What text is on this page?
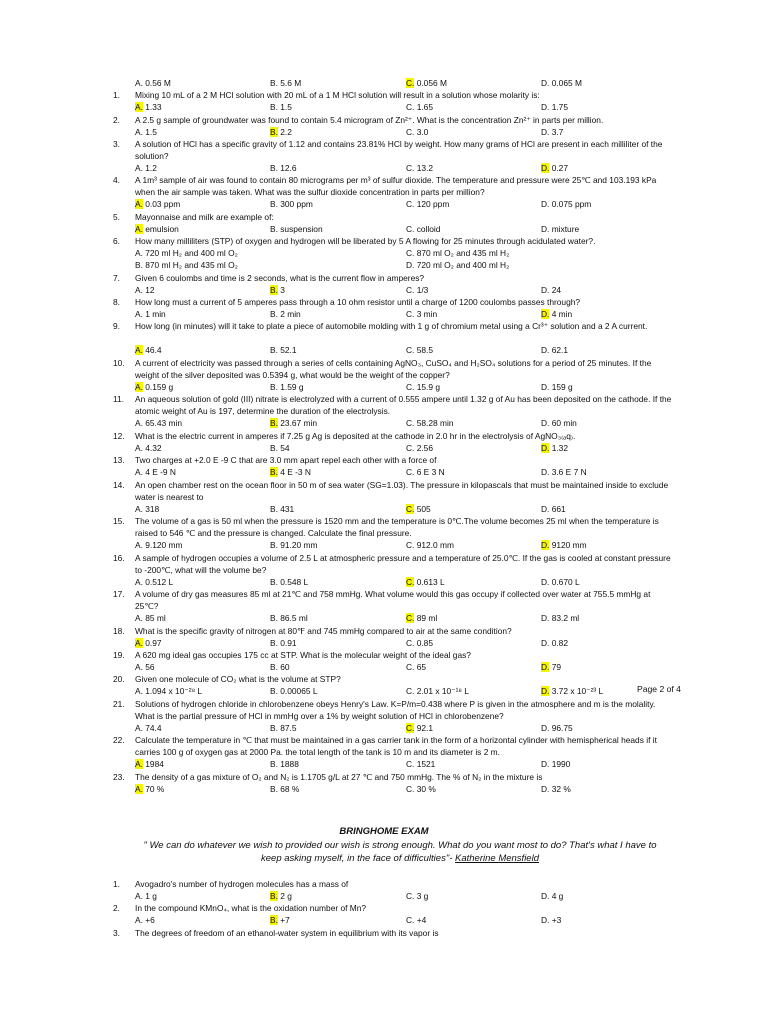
A. 0.56 M	B. 5.6 M	C. 0.056 M	D. 0.065 M
1.	Mixing 10 mL of a 2 M HCl solution with 20 mL of a 1 M HCl solution will result in a solution whose molarity is:
A. 1.33	B. 1.5	C. 1.65	D. 1.75
2.	A 2.5 g sample of groundwater was found to contain 5.4 microgram of Zn²⁺. What is the concentration Zn²⁺ in parts per million.
A. 1.5	B. 2.2	C. 3.0	D. 3.7
3.	A solution of HCl has a specific gravity of 1.12 and contains 23.81% HCl by weight. How many grams of HCl are present in each milliliter of the solution?
A. 1.2	B. 12.6	C. 13.2	D. 0.27
4.	A 1m³ sample of air was found to contain 80 micrograms per m³ of sulfur dioxide. The temperature and pressure were 25℃ and 103.193 kPa when the air sample was taken. What was the sulfur dioxide concentration in parts per million?
A. 0.03 ppm	B. 300 ppm	C. 120 ppm	D. 0.075 ppm
5.	Mayonnaise and milk are example of:
A. emulsion	B. suspension	C. colloid	D. mixture
6.	How many milliliters (STP) of oxygen and hydrogen will be liberated by 5 A flowing for 25 minutes through acidulated water?.
A. 720 ml H₂ and 400 ml O₂	C. 870 ml O₂ and 435 ml H₂
B. 870 ml H₂ and 435 ml O₂	D. 720 ml O₂ and 400 ml H₂
7.	Given 6 coulombs and time is 2 seconds, what is the current flow in amperes?
A. 12	B. 3	C. 1/3	D. 24
8.	How long must a current of 5 amperes pass through a 10 ohm resistor until a charge of 1200 coulombs passes through?
A. 1 min	B. 2 min	C. 3 min	D. 4 min
9.	How long (in minutes) will it take to plate a piece of automobile molding with 1 g of chromium metal using a Cr³⁺ solution and a 2 A current.
A. 46.4	B. 52.1	C. 58.5	D. 62.1
10.	A current of electricity was passed through a series of cells containing AgNO₃, CuSO₄ and H₂SO₄ solutions for a period of 25 minutes. If the weight of the silver deposited was 0.5394 g, what would be the weight of the copper?
A. 0.159 g	B. 1.59 g	C. 15.9 g	D. 159 g
11.	An aqueous solution of gold (III) nitrate is electrolyzed with a current of 0.555 ampere until 1.32 g of Au has been deposited on the cathode. If the atomic weight of Au is 197, determine the duration of the electrolysis.
A. 65.43 min	B. 23.67 min	C. 58.28 min	D. 60 min
12.	What is the electric current in amperes if 7.25 g Ag is deposited at the cathode in 2.0 hr in the electrolysis of AgNO₃₍ₐq₎.
A. 4.32	B. 54	C. 2.56	D. 1.32
13.	Two charges at +2.0 E -9 C that are 3.0 mm apart repel each other with a force of
A. 4 E -9 N	B. 4 E -3 N	C. 6 E 3 N	D. 3.6 E 7 N
14.	An open chamber rest on the ocean floor in 50 m of sea water (SG=1.03). The pressure in kilopascals that must be maintained inside to exclude water is nearest to
A. 318	B. 431	C. 505	D. 661
15.	The volume of a gas is 50 ml when the pressure is 1520 mm and the temperature is 0℃.The volume becomes 25 ml when the temperature is raised to 546 ℃ and the pressure is changed. Calculate the final pressure.
A. 9.120 mm	B. 91.20 mm	C. 912.0 mm	D. 9120 mm
16.	A sample of hydrogen occupies a volume of 2.5 L at atmospheric pressure and a temperature of 25.0℃. If the gas is cooled at constant pressure to -200℃, what will the volume be?
A. 0.512 L	B. 0.548 L	C. 0.613 L	D. 0.670 L
17.	A volume of dry gas measures 85 ml at 21℃ and 758 mmHg. What volume would this gas occupy if collected over water at 755.5 mmHg at 25℃?
A. 85 ml	B. 86.5 ml	C. 89 ml	D. 83.2 ml
18.	What is the specific gravity of nitrogen at 80℉ and 745 mmHg compared to air at the same condition?
A. 0.97	B. 0.91	C. 0.85	D. 0.82
19.	A 620 mg ideal gas occupies 175 cc at STP. What is the molecular weight of the ideal gas?
A. 56	B. 60	C. 65	D. 79
20.	Given one molecule of CO₂ what is the volume at STP?
A. 1.094 x 10⁻²⁸ L	B. 0.00065 L	C. 2.01 x 10⁻¹⁸ L	D. 3.72 x 10⁻²³ L
21.	Solutions of hydrogen chloride in chlorobenzene obeys Henry's Law. K=P/m=0.438 where P is given in the atmosphere and m is the molality. What is the partial pressure of HCl in mmHg over a 1% by weight solution of HCl in chlorobenzene?
A. 74.4	B. 87.5	C. 92.1	D. 96.75
22.	Calculate the temperature in ℃ that must be maintained in a gas carrier tank in the form of a horizontal cylinder with hemispherical heads if it carries 100 g of oxygen gas at 2000 Pa. the total length of the tank is 10 m and its diameter is 2 m.
A. 1984	B. 1888	C. 1521	D. 1990
23.	The density of a gas mixture of O₂ and N₂ is 1.1705 g/L at 27 ℃ and 750 mmHg. The % of N₂ in the mixture is
A. 70 %	B. 68 %	C. 30 %	D. 32 %
Page 2 of 4
BRINGHOME EXAM
" We can do whatever we wish to provided our wish is strong enough. What do you want most to do? That's what I have to keep asking myself, in the face of difficulties"- Katherine Mensfield
1.	Avogadro's number of hydrogen molecules has a mass of
A. 1 g	B. 2 g	C. 3 g	D. 4 g
2.	In the compound KMnO₄, what is the oxidation number of Mn?
A. +6	B. +7	C. +4	D. +3
3.	The degrees of freedom of an ethanol-water system in equilibrium with its vapor is
